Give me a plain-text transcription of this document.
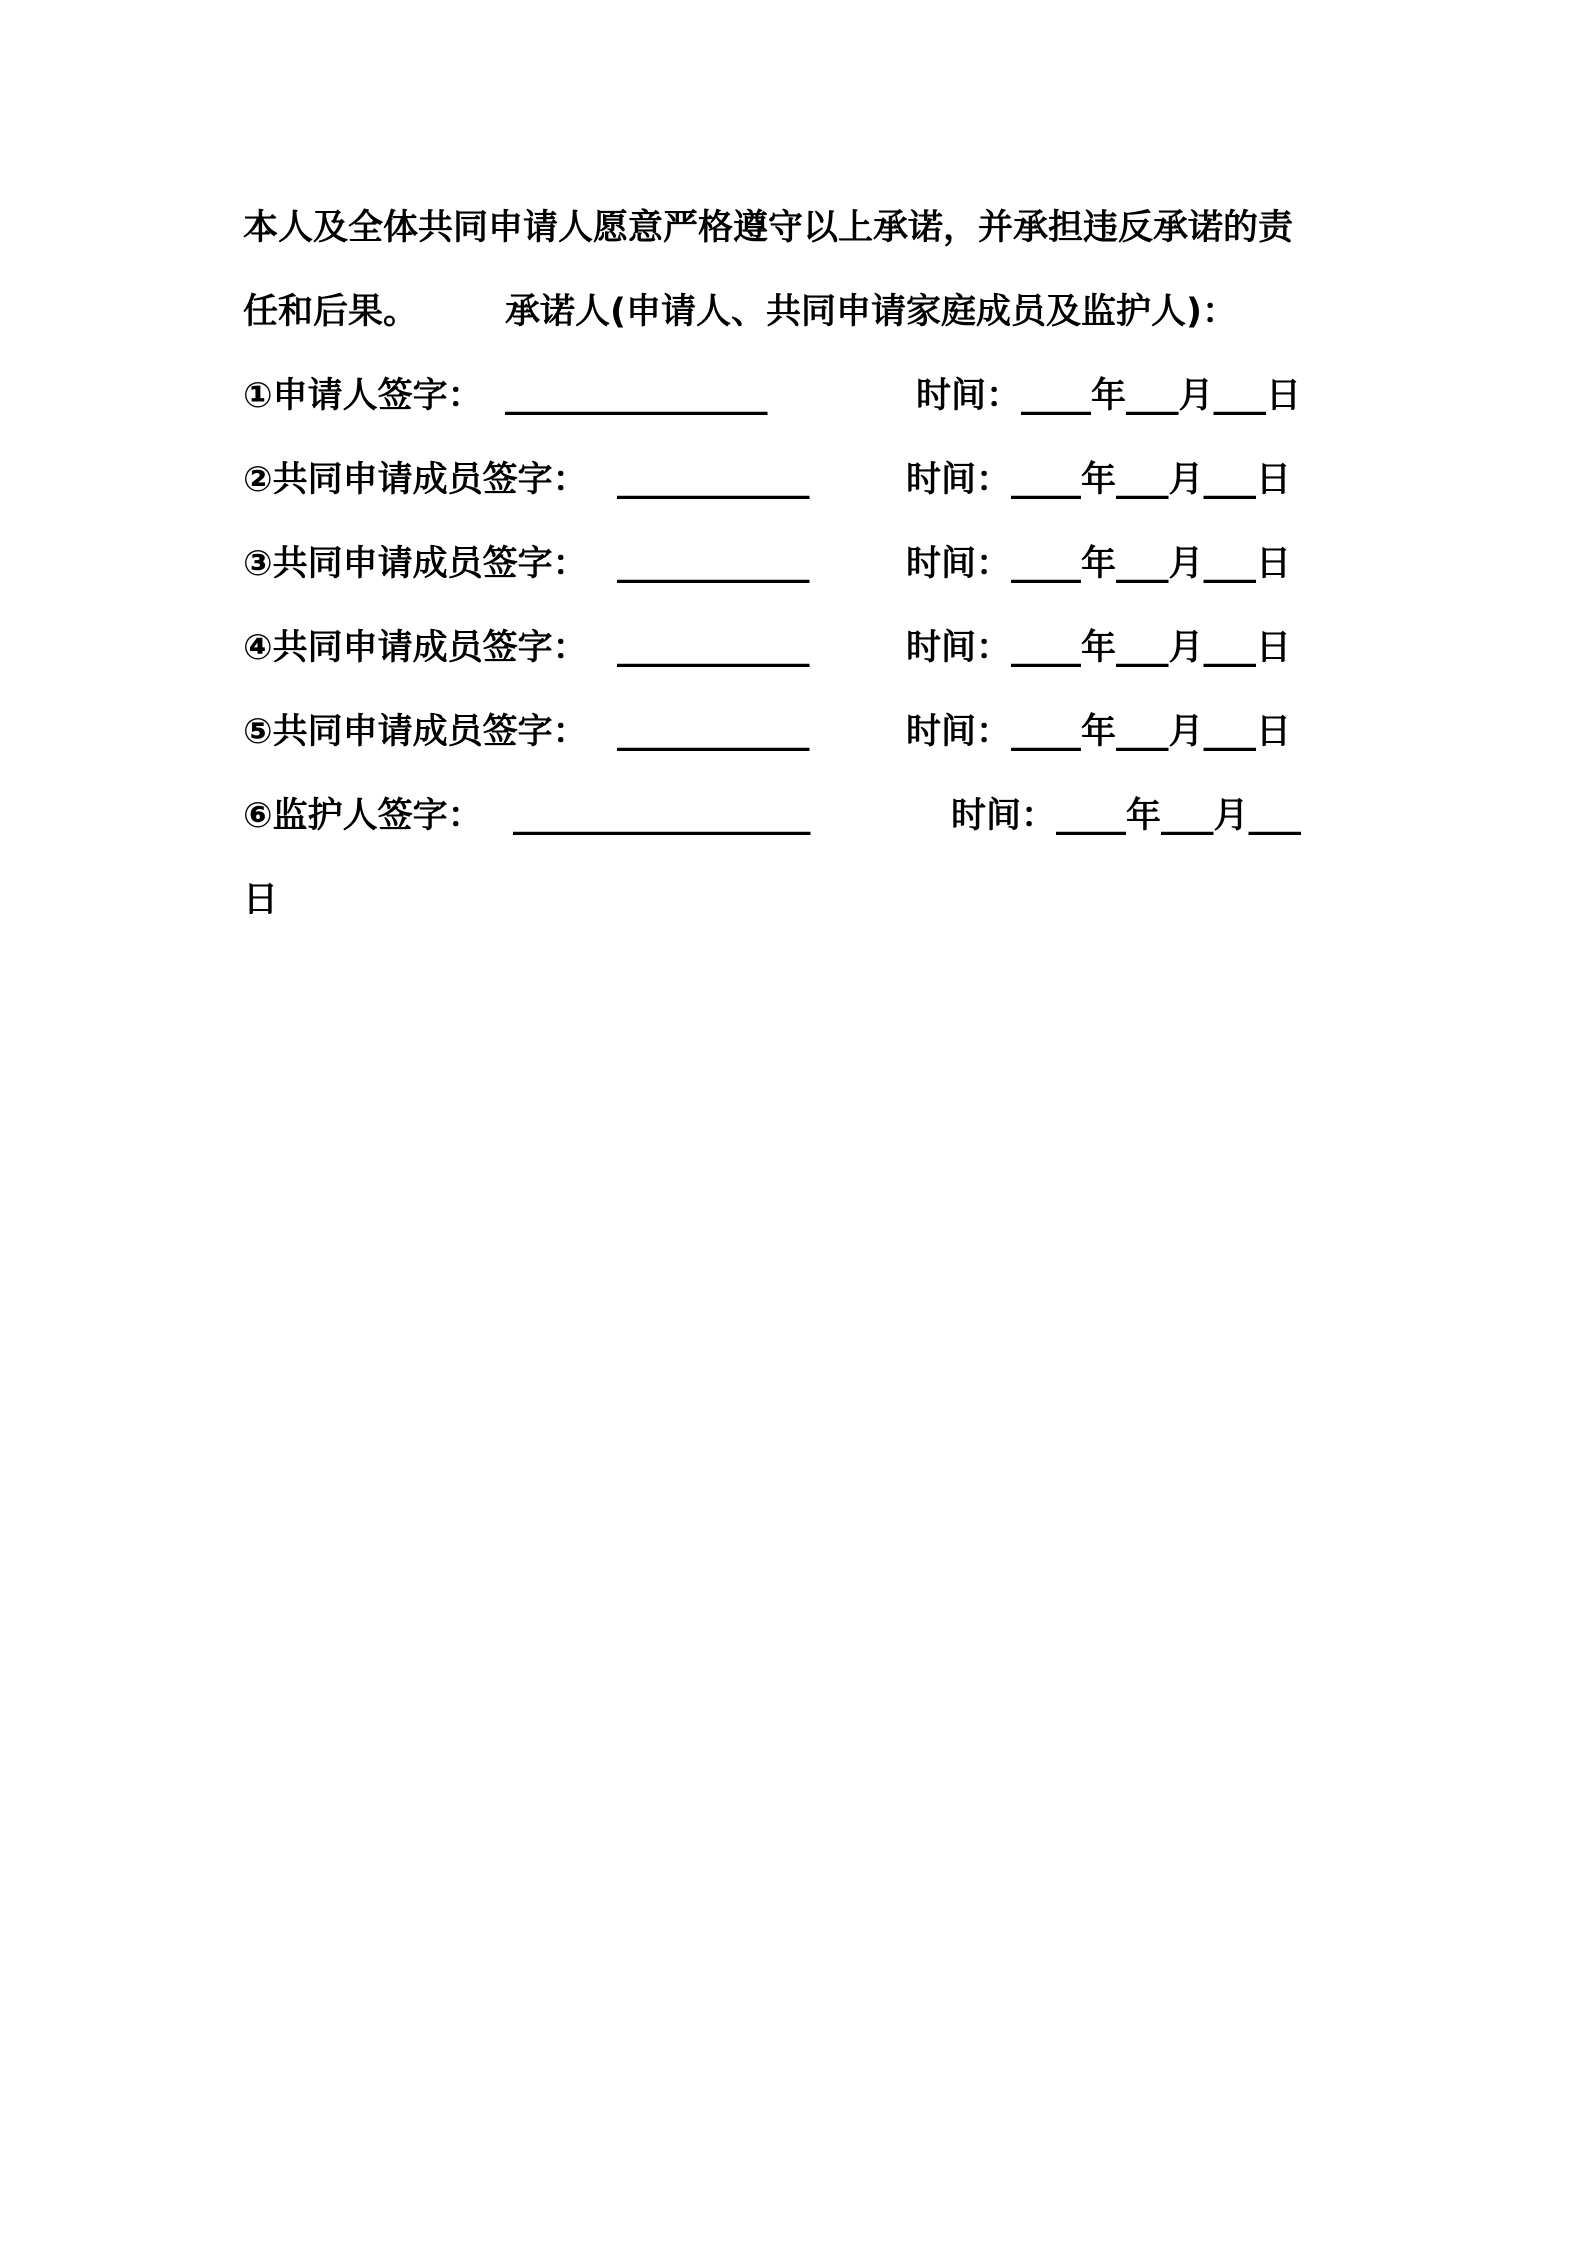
本人及全体共同申请人愿意严格遵守以上承诺，并承担违反承诺的责

任和后果。

承诺人(申请人、共同申请家庭成员及监护人)：

①申请人签字：

_______________

	时间：____年___月___日

②共同申请成员签字：

___________

	时间：____年___月___日

③共同申请成员签字：

___________

	时间：____年___月___日

④共同申请成员签字：

___________

	时间：____年___月___日

⑤共同申请成员签字：

___________

	时间：____年___月___日

⑥监护人签字：

_________________

	时间：____年___月___

日
